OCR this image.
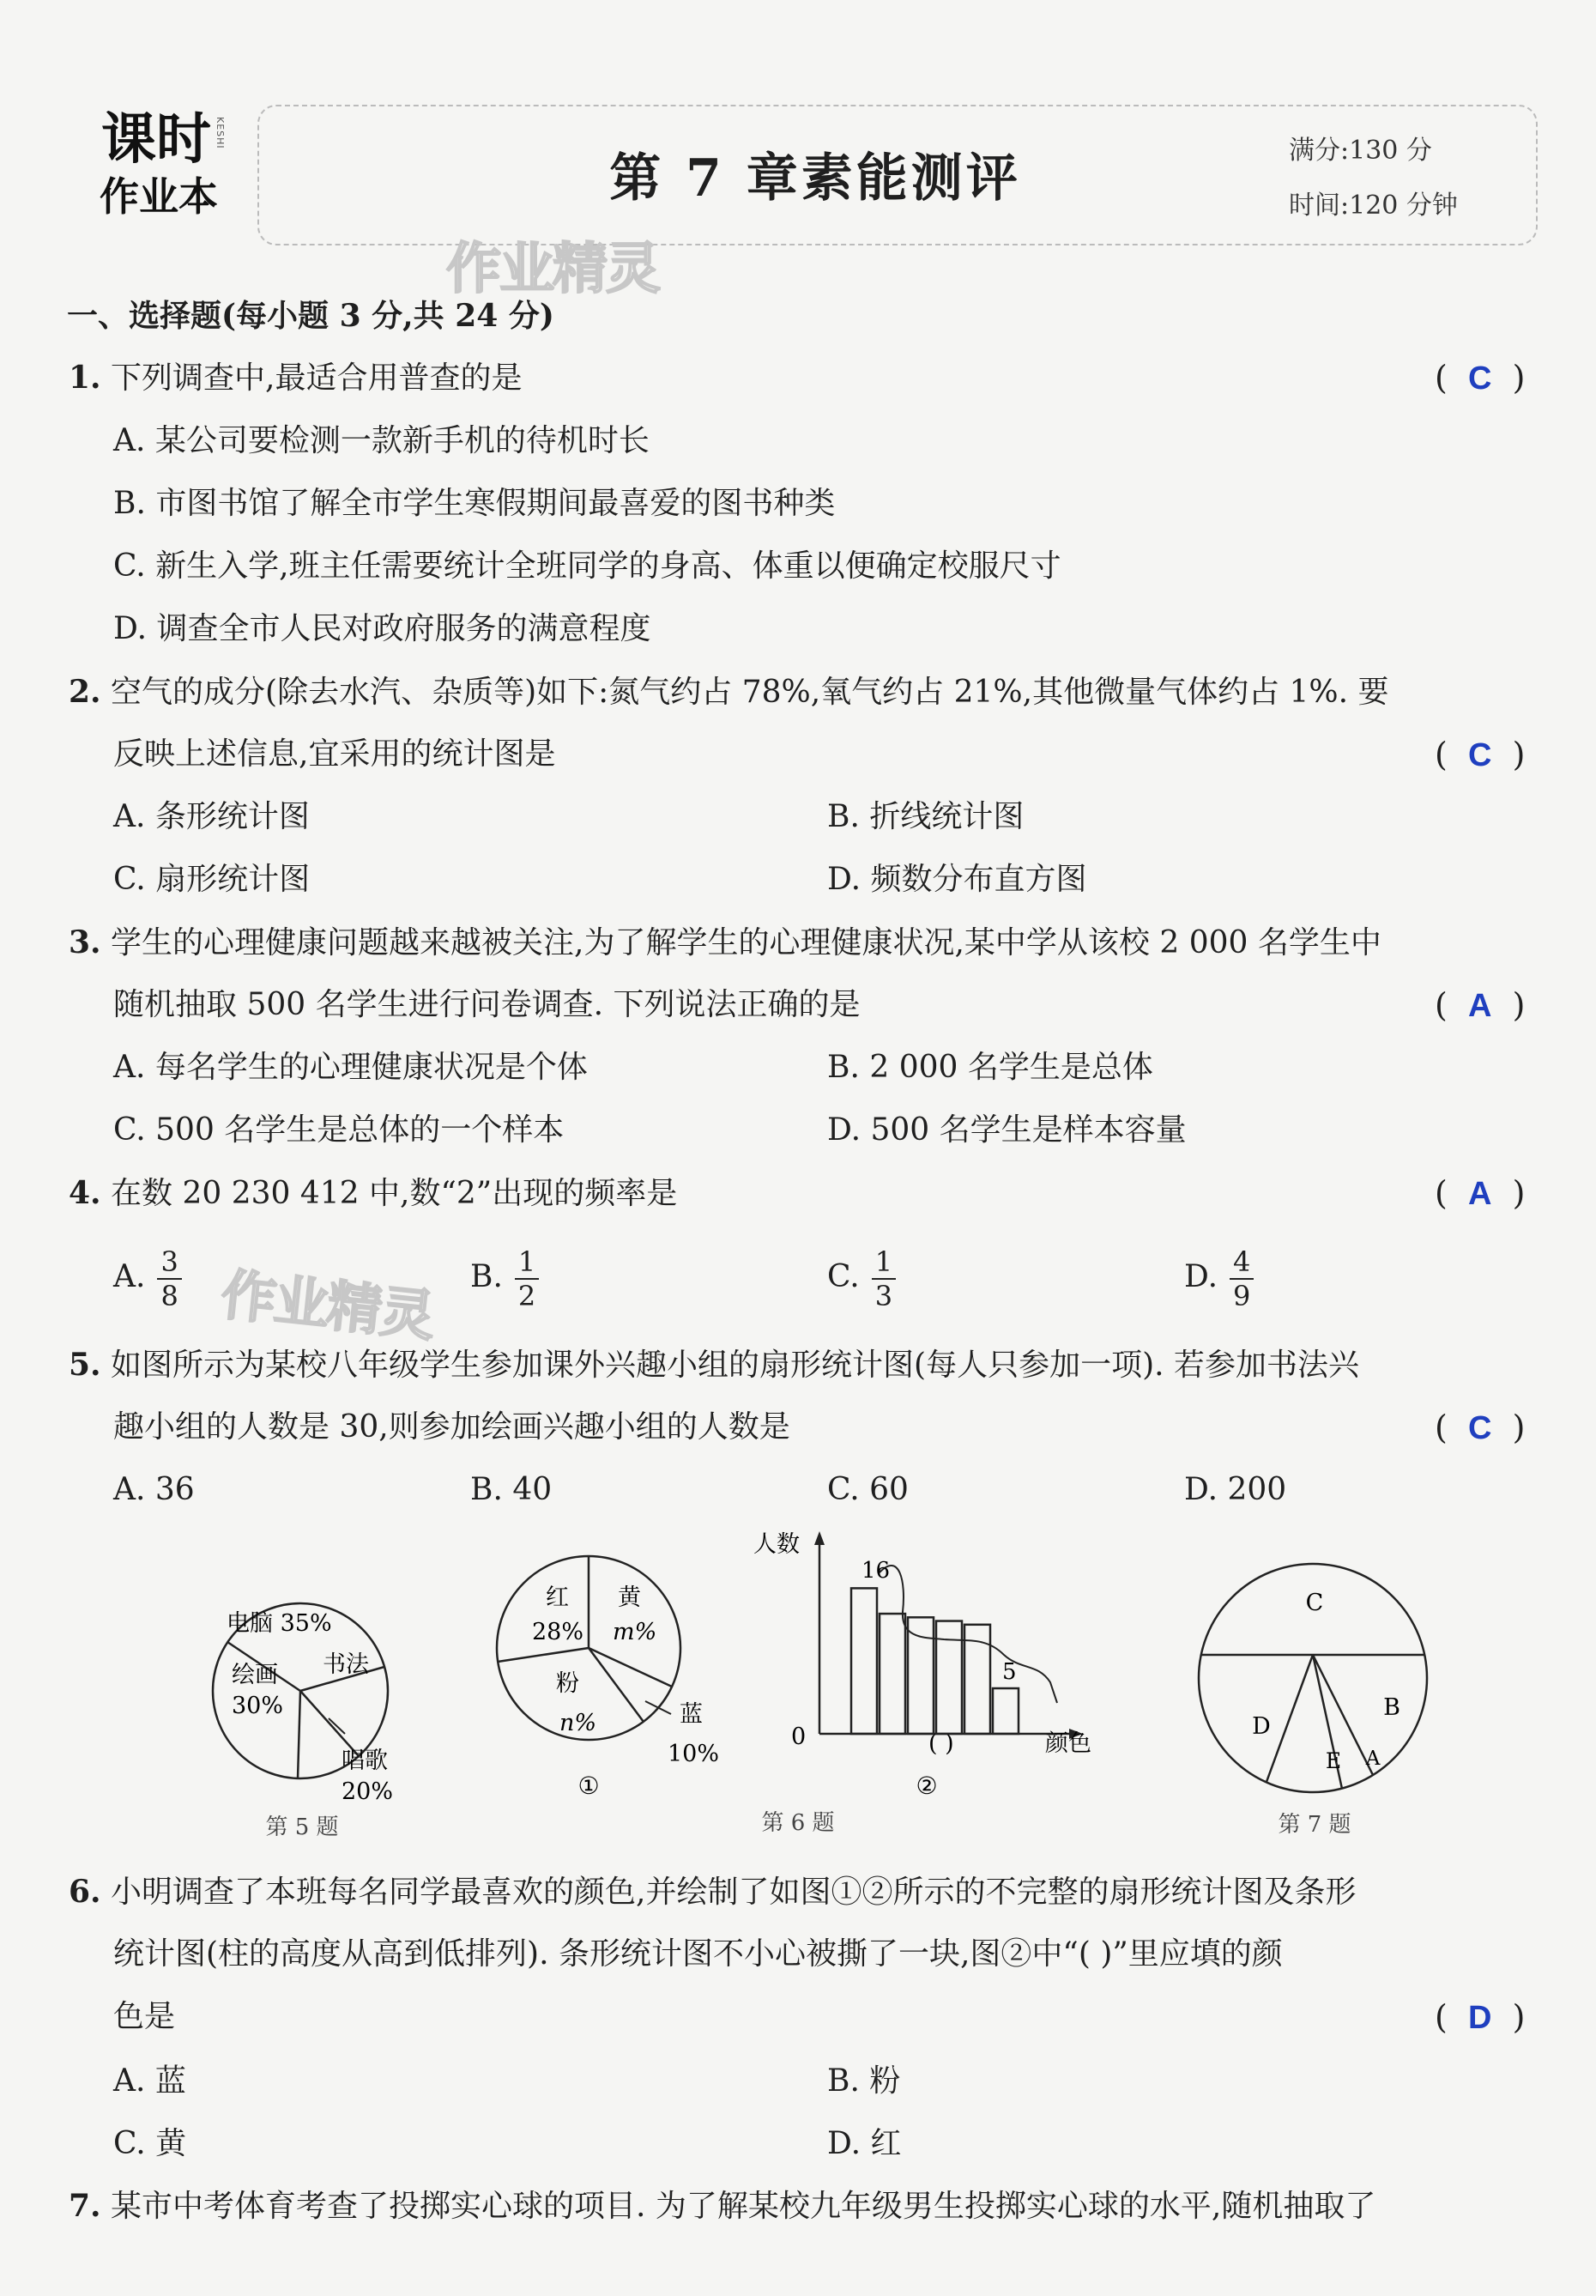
课时
作业本
KESHI
第 7 章素能测评	满分:130 分
时间:120 分钟
作业精灵
作业精灵
一、选择题(每小题 3 分,共 24 分)
1. 下列调查中,最适合用普查的是	( C )
A. 某公司要检测一款新手机的待机时长
B. 市图书馆了解全市学生寒假期间最喜爱的图书种类
C. 新生入学,班主任需要统计全班同学的身高、体重以便确定校服尺寸
D. 调查全市人民对政府服务的满意程度
2. 空气的成分(除去水汽、杂质等)如下:氮气约占 78%,氧气约占 21%,其他微量气体约占 1%. 要
反映上述信息,宜采用的统计图是	( C )
A. 条形统计图	B. 折线统计图
C. 扇形统计图	D. 频数分布直方图
3. 学生的心理健康问题越来越被关注,为了解学生的心理健康状况,某中学从该校 2 000 名学生中
随机抽取 500 名学生进行问卷调查. 下列说法正确的是	( A )
A. 每名学生的心理健康状况是个体	B. 2 000 名学生是总体
C. 500 名学生是总体的一个样本	D. 500 名学生是样本容量
4. 在数 20 230 412 中,数“2”出现的频率是	( A )
A. $\frac{3}{8}$	B. $\frac{1}{2}$	C. $\frac{1}{3}$	D. $\frac{4}{9}$
5. 如图所示为某校八年级学生参加课外兴趣小组的扇形统计图(每人只参加一项). 若参加书法兴
趣小组的人数是 30,则参加绘画兴趣小组的人数是	( C )
A. 36	B. 40	C. 60	D. 200
电脑 35%
绘画
30%
书法
唱歌
20%
第 5 题
红
28%
黄
m%
粉
n%	蓝
10%
①
人数
0	颜色
( )
16
5
②
第 6 题
C
D
B
E A
第 7 题
6. 小明调查了本班每名同学最喜欢的颜色,并绘制了如图①②所示的不完整的扇形统计图及条形
统计图(柱的高度从高到低排列). 条形统计图不小心被撕了一块,图②中“( )”里应填的颜
色是	( D )
A. 蓝	B. 粉
C. 黄	D. 红
7. 某市中考体育考查了投掷实心球的项目. 为了解某校九年级男生投掷实心球的水平,随机抽取了
